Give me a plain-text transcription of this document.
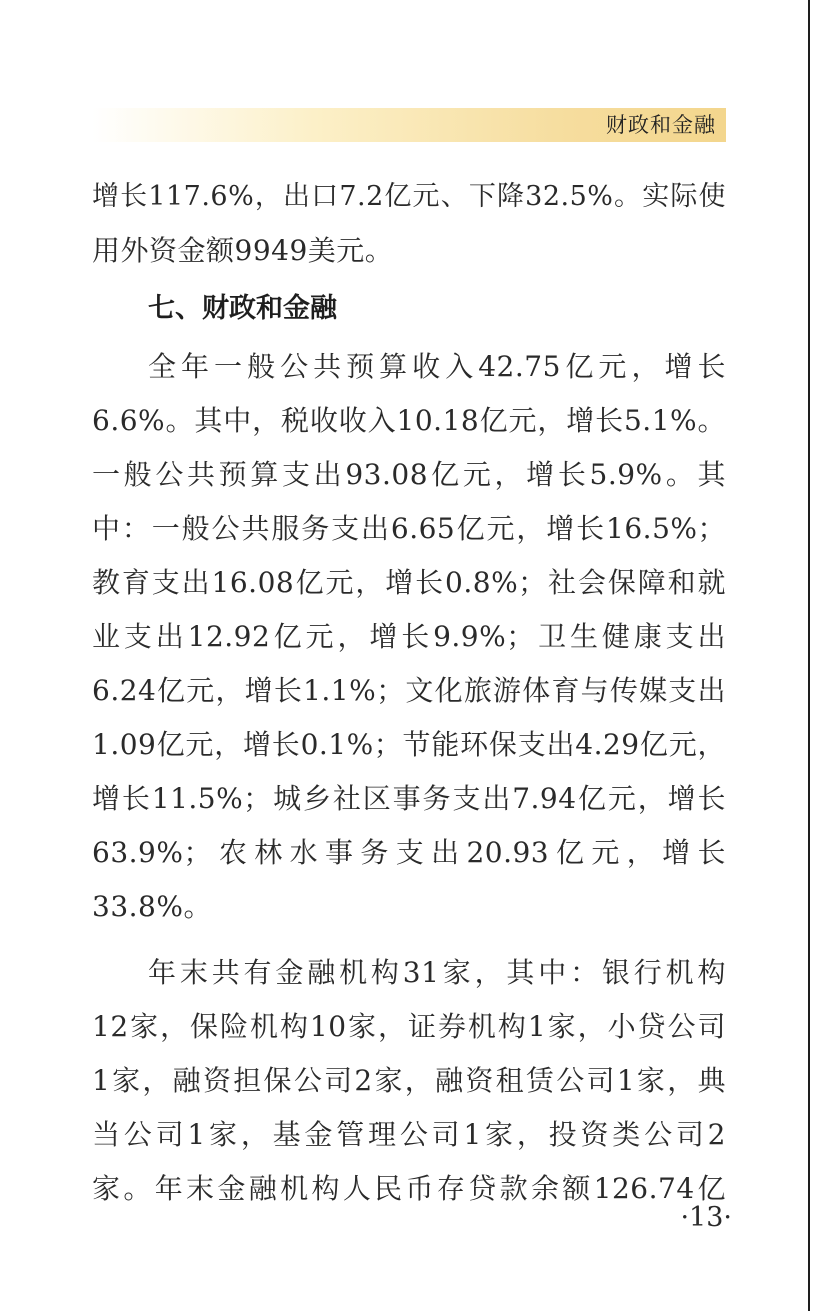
财政和金融
增长117.6%，出口7.2亿元、下降32.5%。实际使
用外资金额9949美元。
七、财政和金融
全年一般公共预算收入42.75亿元，增长
6.6%。其中，税收收入10.18亿元，增长5.1%。
一般公共预算支出93.08亿元，增长5.9%。其
中：一般公共服务支出6.65亿元，增长16.5%；
教育支出16.08亿元，增长0.8%；社会保障和就
业支出12.92亿元，增长9.9%；卫生健康支出
6.24亿元，增长1.1%；文化旅游体育与传媒支出
1.09亿元，增长0.1%；节能环保支出4.29亿元，
增长11.5%；城乡社区事务支出7.94亿元，增长
63.9%；农林水事务支出20.93亿元，增长
33.8%。
年末共有金融机构31家，其中：银行机构
12家，保险机构10家，证券机构1家，小贷公司
1家，融资担保公司2家，融资租赁公司1家，典
当公司1家，基金管理公司1家，投资类公司2
家。年末金融机构人民币存贷款余额126.74亿
·13·
